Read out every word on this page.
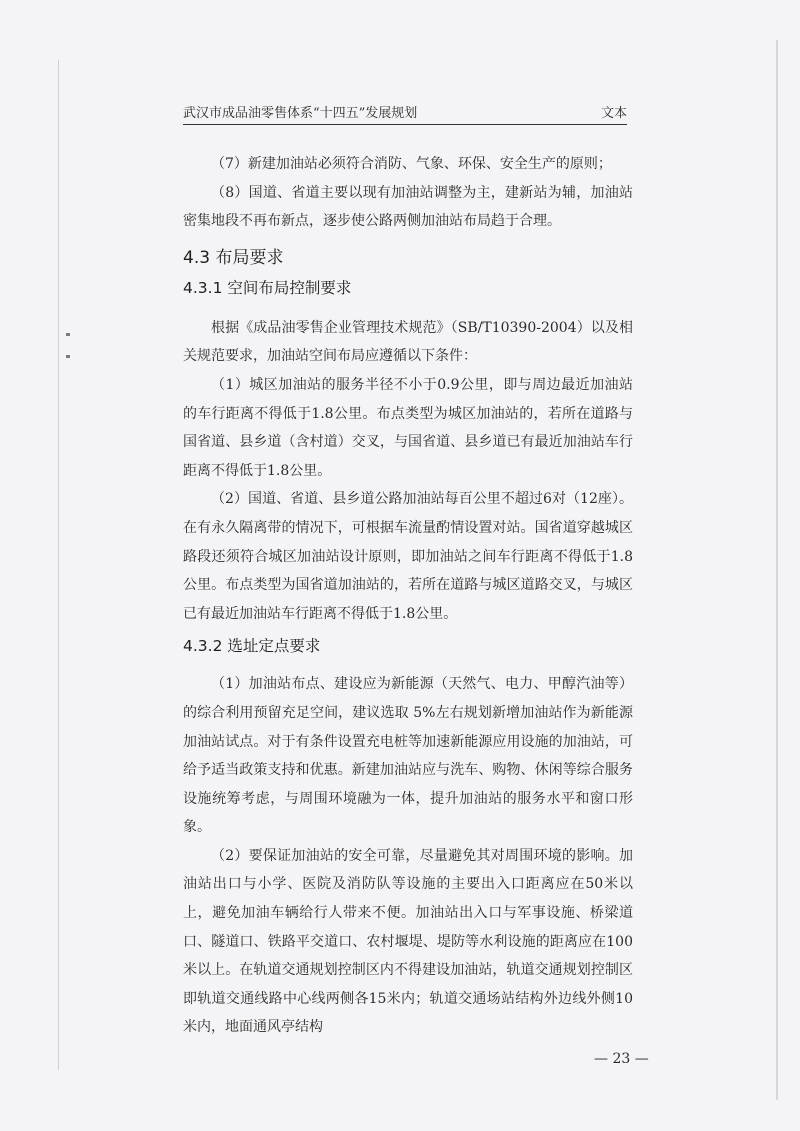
武汉市成品油零售体系“十四五”发展规划	文本

（7）新建加油站必须符合消防、气象、环保、安全生产的原则；

（8）国道、省道主要以现有加油站调整为主，建新站为辅，加油站密集地段不再布新点，逐步使公路两侧加油站布局趋于合理。

4.3 布局要求
4.3.1 空间布局控制要求

根据《成品油零售企业管理技术规范》（SB/T10390-2004）以及相关规范要求，加油站空间布局应遵循以下条件：

（1）城区加油站的服务半径不小于0.9公里，即与周边最近加油站的车行距离不得低于1.8公里。布点类型为城区加油站的，若所在道路与国省道、县乡道（含村道）交叉，与国省道、县乡道已有最近加油站车行距离不得低于1.8公里。

（2）国道、省道、县乡道公路加油站每百公里不超过6对（12座）。在有永久隔离带的情况下，可根据车流量酌情设置对站。国省道穿越城区路段还须符合城区加油站设计原则，即加油站之间车行距离不得低于1.8公里。布点类型为国省道加油站的，若所在道路与城区道路交叉，与城区已有最近加油站车行距离不得低于1.8公里。

4.3.2 选址定点要求

（1）加油站布点、建设应为新能源（天然气、电力、甲醇汽油等）的综合利用预留充足空间，建议选取 5%左右规划新增加油站作为新能源加油站试点。对于有条件设置充电桩等加速新能源应用设施的加油站，可给予适当政策支持和优惠。新建加油站应与洗车、购物、休闲等综合服务设施统筹考虑，与周围环境融为一体，提升加油站的服务水平和窗口形象。

（2）要保证加油站的安全可靠，尽量避免其对周围环境的影响。加油站出口与小学、医院及消防队等设施的主要出入口距离应在50米以上，避免加油车辆给行人带来不便。加油站出入口与军事设施、桥梁道口、隧道口、铁路平交道口、农村堰堤、堤防等水利设施的距离应在100米以上。在轨道交通规划控制区内不得建设加油站，轨道交通规划控制区即轨道交通线路中心线两侧各15米内；轨道交通场站结构外边线外侧10米内，地面通风亭结构

— 23 —
